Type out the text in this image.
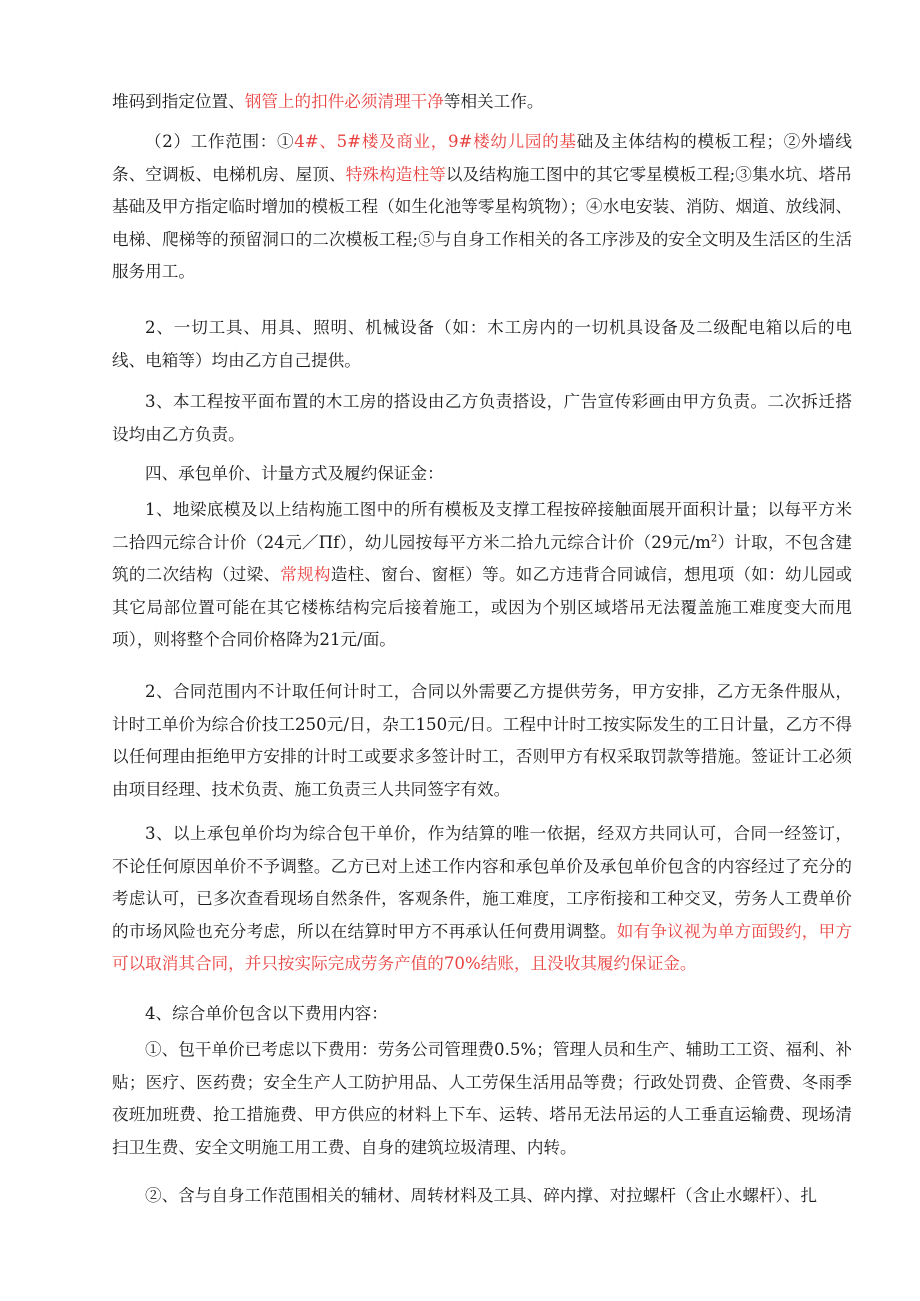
堆码到指定位置、钢管上的扣件必须清理干净等相关工作。

（2）工作范围：①4#、5#楼及商业，9#楼幼儿园的基础及主体结构的模板工程；②外墙线条、空调板、电梯机房、屋顶、特殊构造柱等以及结构施工图中的其它零星模板工程;③集水坑、塔吊基础及甲方指定临时增加的模板工程（如生化池等零星构筑物）；④水电安装、消防、烟道、放线洞、电梯、爬梯等的预留洞口的二次模板工程;⑤与自身工作相关的各工序涉及的安全文明及生活区的生活服务用工。

2、一切工具、用具、照明、机械设备（如：木工房内的一切机具设备及二级配电箱以后的电线、电箱等）均由乙方自己提供。

3、本工程按平面布置的木工房的搭设由乙方负责搭设，广告宣传彩画由甲方负责。二次拆迁搭设均由乙方负责。

四、承包单价、计量方式及履约保证金：

1、地梁底模及以上结构施工图中的所有模板及支撑工程按碎接触面展开面积计量；以每平方米二拾四元综合计价（24元／Πf），幼儿园按每平方米二拾九元综合计价（29元$/m^2$）计取，不包含建筑的二次结构（过梁、常规构造柱、窗台、窗框）等。如乙方违背合同诚信，想甩项（如：幼儿园或其它局部位置可能在其它楼栋结构完后接着施工，或因为个别区域塔吊无法覆盖施工难度变大而甩项），则将整个合同价格降为21元/面。

2、合同范围内不计取任何计时工，合同以外需要乙方提供劳务，甲方安排，乙方无条件服从，计时工单价为综合价技工250元/日，杂工150元/日。工程中计时工按实际发生的工日计量，乙方不得以任何理由拒绝甲方安排的计时工或要求多签计时工，否则甲方有权采取罚款等措施。签证计工必须由项目经理、技术负责、施工负责三人共同签字有效。

3、以上承包单价均为综合包干单价，作为结算的唯一依据，经双方共同认可，合同一经签订，不论任何原因单价不予调整。乙方已对上述工作内容和承包单价及承包单价包含的内容经过了充分的考虑认可，已多次查看现场自然条件，客观条件，施工难度，工序衔接和工种交叉，劳务人工费单价的市场风险也充分考虑，所以在结算时甲方不再承认任何费用调整。如有争议视为单方面毁约，甲方可以取消其合同，并只按实际完成劳务产值的70%结账，且没收其履约保证金。

4、综合单价包含以下费用内容：

①、包干单价已考虑以下费用：劳务公司管理费0.5%；管理人员和生产、辅助工工资、福利、补贴；医疗、医药费；安全生产人工防护用品、人工劳保生活用品等费；行政处罚费、企管费、冬雨季夜班加班费、抢工措施费、甲方供应的材料上下车、运转、塔吊无法吊运的人工垂直运输费、现场清扫卫生费、安全文明施工用工费、自身的建筑垃圾清理、内转。

②、含与自身工作范围相关的辅材、周转材料及工具、碎内撑、对拉螺杆（含止水螺杆）、扎
